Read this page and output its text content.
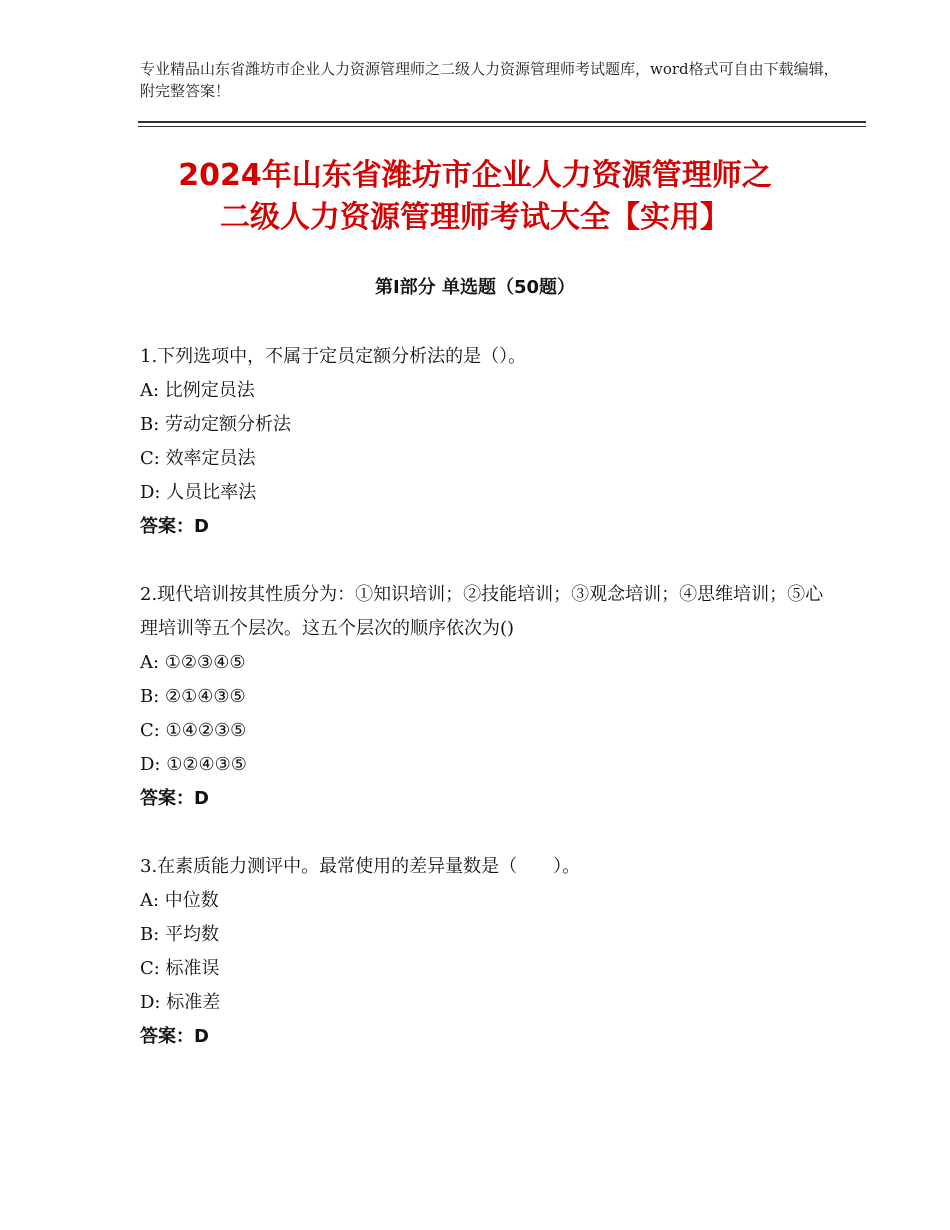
专业精品山东省潍坊市企业人力资源管理师之二级人力资源管理师考试题库，word格式可自由下载编辑，附完整答案！
2024年山东省潍坊市企业人力资源管理师之
二级人力资源管理师考试大全【实用】
第Ⅰ部分 单选题（50题）
1.下列选项中，不属于定员定额分析法的是（）。
A: 比例定员法
B: 劳动定额分析法
C: 效率定员法
D: 人员比率法
答案：D
2.现代培训按其性质分为：①知识培训；②技能培训；③观念培训；④思维培训；⑤心理培训等五个层次。这五个层次的顺序依次为()
A: ①②③④⑤
B: ②①④③⑤
C: ①④②③⑤
D: ①②④③⑤
答案：D
3.在素质能力测评中。最常使用的差异量数是（　　）。
A: 中位数
B: 平均数
C: 标准误
D: 标准差
答案：D
